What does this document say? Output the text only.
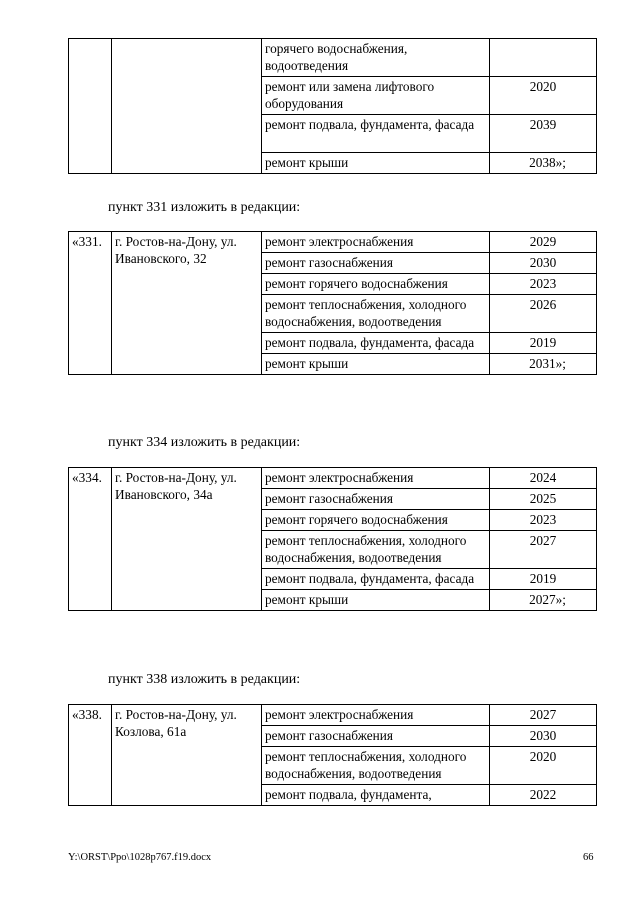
		горячего водоснабжения, водоотведения	
		ремонт или замена лифтового оборудования	2020
		ремонт подвала, фундамента, фасада	2039
		ремонт крыши	2038»;
пункт 331 изложить в редакции:
«331.	г. Ростов-на-Дону, ул. Ивановского, 32	ремонт электроснабжения	2029
		ремонт газоснабжения	2030
		ремонт горячего водоснабжения	2023
		ремонт теплоснабжения, холодного водоснабжения, водоотведения	2026
		ремонт подвала, фундамента, фасада	2019
		ремонт крыши	2031»;
пункт 334 изложить в редакции:
«334.	г. Ростов-на-Дону, ул. Ивановского, 34а	ремонт электроснабжения	2024
		ремонт газоснабжения	2025
		ремонт горячего водоснабжения	2023
		ремонт теплоснабжения, холодного водоснабжения, водоотведения	2027
		ремонт подвала, фундамента, фасада	2019
		ремонт крыши	2027»;
пункт 338 изложить в редакции:
«338.	г. Ростов-на-Дону, ул. Козлова, 61а	ремонт электроснабжения	2027
		ремонт газоснабжения	2030
		ремонт теплоснабжения, холодного водоснабжения, водоотведения	2020
		ремонт подвала, фундамента,	2022
Y:\ORST\Ppo\1028p767.f19.docx	66
